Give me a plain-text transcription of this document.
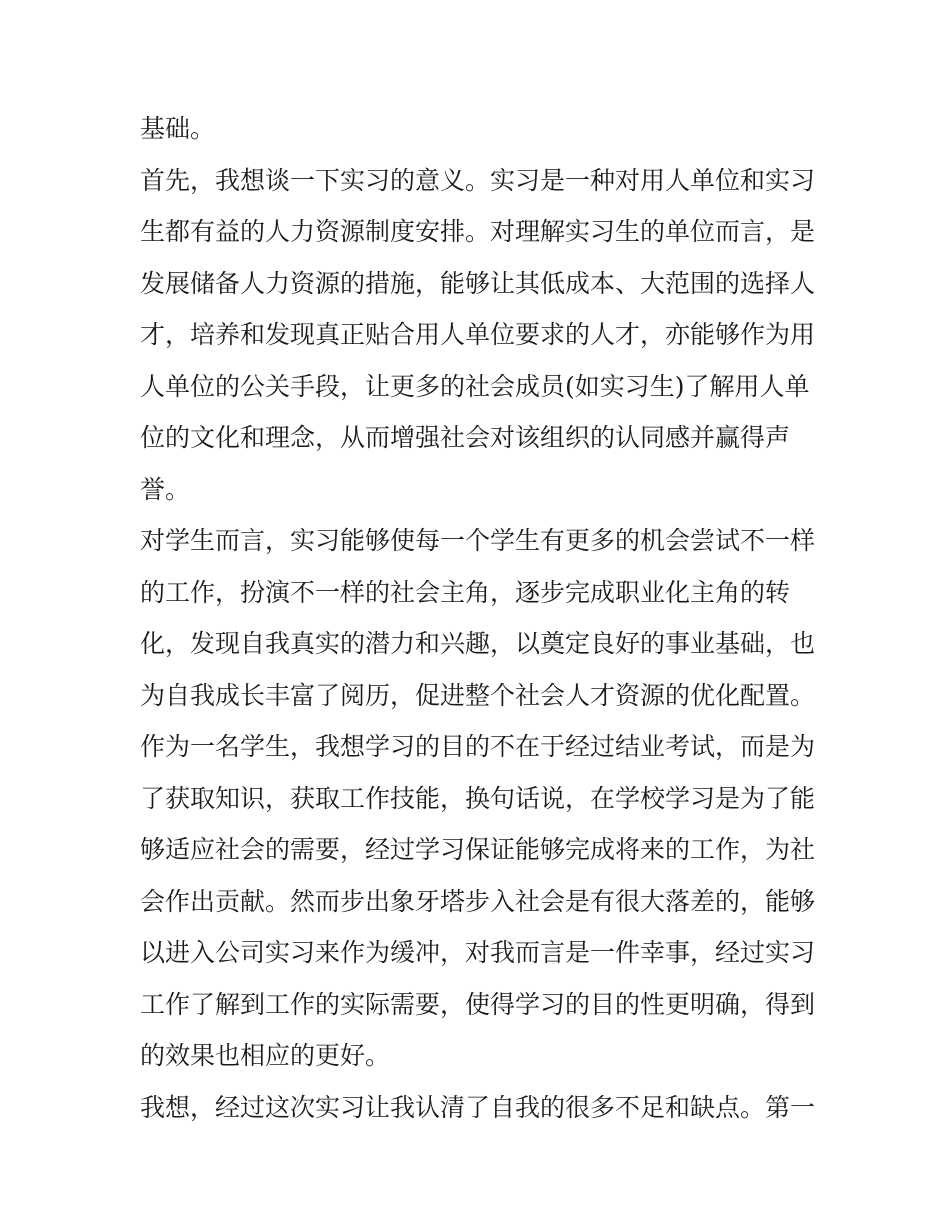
基础。
首先，我想谈一下实习的意义。实习是一种对用人单位和实习
生都有益的人力资源制度安排。对理解实习生的单位而言，是
发展储备人力资源的措施，能够让其低成本、大范围的选择人
才，培养和发现真正贴合用人单位要求的人才，亦能够作为用
人单位的公关手段，让更多的社会成员(如实习生)了解用人单
位的文化和理念，从而增强社会对该组织的认同感并赢得声
誉。
对学生而言，实习能够使每一个学生有更多的机会尝试不一样
的工作，扮演不一样的社会主角，逐步完成职业化主角的转
化，发现自我真实的潜力和兴趣，以奠定良好的事业基础，也
为自我成长丰富了阅历，促进整个社会人才资源的优化配置。
作为一名学生，我想学习的目的不在于经过结业考试，而是为
了获取知识，获取工作技能，换句话说，在学校学习是为了能
够适应社会的需要，经过学习保证能够完成将来的工作，为社
会作出贡献。然而步出象牙塔步入社会是有很大落差的，能够
以进入公司实习来作为缓冲，对我而言是一件幸事，经过实习
工作了解到工作的实际需要，使得学习的目的性更明确，得到
的效果也相应的更好。
我想，经过这次实习让我认清了自我的很多不足和缺点。第一
